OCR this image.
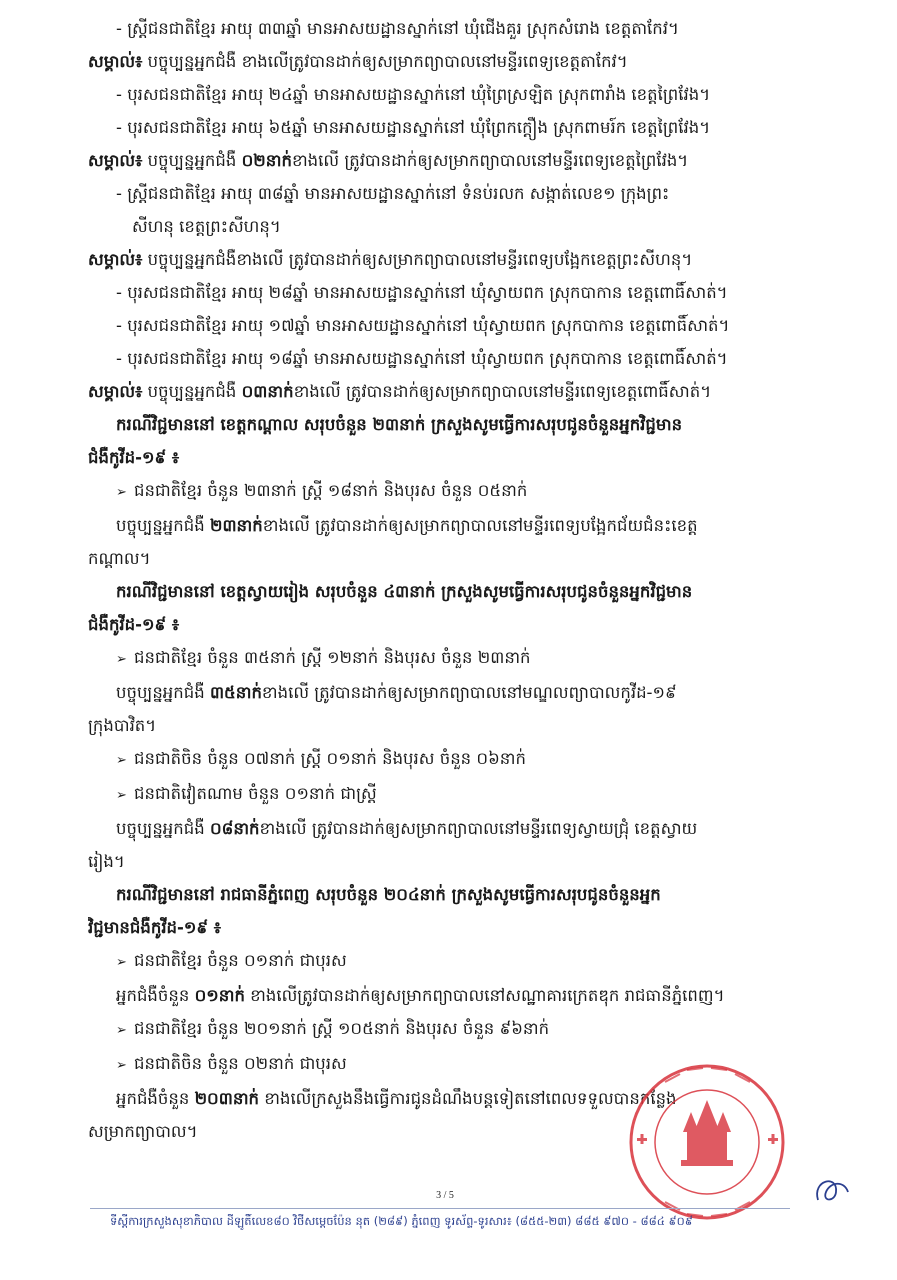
- ស្ត្រីជនជាតិខ្មែរ អាយុ ៣៣ឆ្នាំ មានអាសយដ្ឋានស្នាក់នៅ ឃុំជើងគួរ ស្រុកសំរោង ខេត្តតាកែវ។
សម្គាល់៖ បច្ចុប្បន្នអ្នកជំងឺ ខាងលើត្រូវបានដាក់ឲ្យសម្រាកព្យាបាលនៅមន្ទីរពេទ្យខេត្តតាកែវ។
- បុរសជនជាតិខ្មែរ អាយុ ២៤ឆ្នាំ មានអាសយដ្ឋានស្នាក់នៅ ឃុំព្រៃស្រឡិត ស្រុកពារាំង ខេត្តព្រៃវែង។
- បុរសជនជាតិខ្មែរ អាយុ ៦៥ឆ្នាំ មានអាសយដ្ឋានស្នាក់នៅ ឃុំព្រែកក្ដឿង ស្រុកពាមរ៍ក ខេត្តព្រៃវែង។
សម្គាល់៖ បច្ចុប្បន្នអ្នកជំងឺ ០២នាក់ខាងលើ ត្រូវបានដាក់ឲ្យសម្រាកព្យាបាលនៅមន្ទីរពេទ្យខេត្តព្រៃវែង។
- ស្ត្រីជនជាតិខ្មែរ អាយុ ៣៨ឆ្នាំ មានអាសយដ្ឋានស្នាក់នៅ ទំនប់រលក សង្កាត់លេខ១ ក្រុងព្រះ
សីហនុ ខេត្តព្រះសីហនុ។
សម្គាល់៖ បច្ចុប្បន្នអ្នកជំងឺខាងលើ ត្រូវបានដាក់ឲ្យសម្រាកព្យាបាលនៅមន្ទីរពេទ្យបង្អែកខេត្តព្រះសីហនុ។
- បុរសជនជាតិខ្មែរ អាយុ ២៨ឆ្នាំ មានអាសយដ្ឋានស្នាក់នៅ ឃុំស្វាយពក ស្រុកបាកាន ខេត្តពោធិ៍សាត់។
- បុរសជនជាតិខ្មែរ អាយុ ១៧ឆ្នាំ មានអាសយដ្ឋានស្នាក់នៅ ឃុំស្វាយពក ស្រុកបាកាន ខេត្តពោធិ៍សាត់។
- បុរសជនជាតិខ្មែរ អាយុ ១៨ឆ្នាំ មានអាសយដ្ឋានស្នាក់នៅ ឃុំស្វាយពក ស្រុកបាកាន ខេត្តពោធិ៍សាត់។
សម្គាល់៖ បច្ចុប្បន្នអ្នកជំងឺ ០៣នាក់ខាងលើ ត្រូវបានដាក់ឲ្យសម្រាកព្យាបាលនៅមន្ទីរពេទ្យខេត្តពោធិ៍សាត់។
ករណីវិជ្ជមាននៅ ខេត្តកណ្ដាល សរុបចំនួន ២៣នាក់ ក្រសួងសូមធ្វើការសរុបជូនចំនួនអ្នកវិជ្ជមាន
ជំងឺកូវីដ-១៩ ៖
➢ ជនជាតិខ្មែរ ចំនួន ២៣នាក់ ស្ត្រី ១៨នាក់ និងបុរស ចំនួន ០៥នាក់
បច្ចុប្បន្នអ្នកជំងឺ ២៣នាក់ខាងលើ ត្រូវបានដាក់ឲ្យសម្រាកព្យាបាលនៅមន្ទីរពេទ្យបង្អែកជ័យជំនះខេត្ត
កណ្ដាល។
ករណីវិជ្ជមាននៅ ខេត្តស្វាយរៀង សរុបចំនួន ៤៣នាក់ ក្រសួងសូមធ្វើការសរុបជូនចំនួនអ្នកវិជ្ជមាន
ជំងឺកូវីដ-១៩ ៖
➢ ជនជាតិខ្មែរ ចំនួន ៣៥នាក់ ស្ត្រី ១២នាក់ និងបុរស ចំនួន ២៣នាក់
បច្ចុប្បន្នអ្នកជំងឺ ៣៥នាក់ខាងលើ ត្រូវបានដាក់ឲ្យសម្រាកព្យាបាលនៅមណ្ឌលព្យាបាលកូវីដ-១៩
ក្រុងបាវិត។
➢ ជនជាតិចិន ចំនួន ០៧នាក់ ស្ត្រី ០១នាក់ និងបុរស ចំនួន ០៦នាក់
➢ ជនជាតិវៀតណាម ចំនួន ០១នាក់ ជាស្ត្រី
បច្ចុប្បន្នអ្នកជំងឺ ០៨នាក់ខាងលើ ត្រូវបានដាក់ឲ្យសម្រាកព្យាបាលនៅមន្ទីរពេទ្យស្វាយជ្រុំ ខេត្តស្វាយ
រៀង។
ករណីវិជ្ជមាននៅ រាជធានីភ្នំពេញ សរុបចំនួន ២០៤នាក់ ក្រសួងសូមធ្វើការសរុបជូនចំនួនអ្នក
វិជ្ជមានជំងឺកូវីដ-១៩ ៖
➢ ជនជាតិខ្មែរ ចំនួន ០១នាក់ ជាបុរស
អ្នកជំងឺចំនួន ០១នាក់ ខាងលើត្រូវបានដាក់ឲ្យសម្រាកព្យាបាលនៅសណ្ឋាគារក្រេតឌុក រាជធានីភ្នំពេញ។
➢ ជនជាតិខ្មែរ ចំនួន ២០១នាក់ ស្ត្រី ១០៥នាក់ និងបុរស ចំនួន ៩៦នាក់
➢ ជនជាតិចិន ចំនួន ០២នាក់ ជាបុរស
អ្នកជំងឺចំនួន ២០៣នាក់ ខាងលើក្រសួងនឹងធ្វើការជូនដំណឹងបន្តទៀតនៅពេលទទួលបានកន្លែង
សម្រាកព្យាបាល។
3 / 5
ទីស្ដីការក្រសួងសុខាភិបាល ដីឡូតិ៍លេខ៨០ វិថីសម្ដេចប៉ែន នុត (២៨៩) ភ្នំពេញ ទូរស័ព្ទ-ទូរសារ៖ (៨៥៥-២៣) ៨៨៥ ៩៧០ - ៨៨៤ ៩០៩
